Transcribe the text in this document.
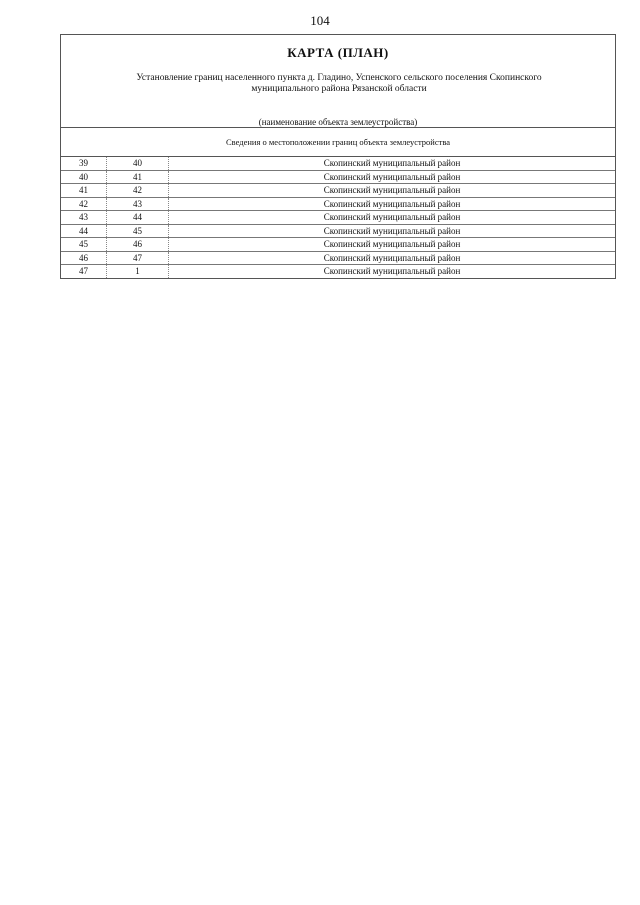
104
КАРТА (ПЛАН)
Установление границ населенного пункта д. Гладино, Успенского сельского поселения Скопинского
муниципального района Рязанской области
(наименование объекта землеустройства)
Сведения о местоположении границ объекта землеустройства
39	40	Скопинский муниципальный район
40	41	Скопинский муниципальный район
41	42	Скопинский муниципальный район
42	43	Скопинский муниципальный район
43	44	Скопинский муниципальный район
44	45	Скопинский муниципальный район
45	46	Скопинский муниципальный район
46	47	Скопинский муниципальный район
47	1	Скопинский муниципальный район
